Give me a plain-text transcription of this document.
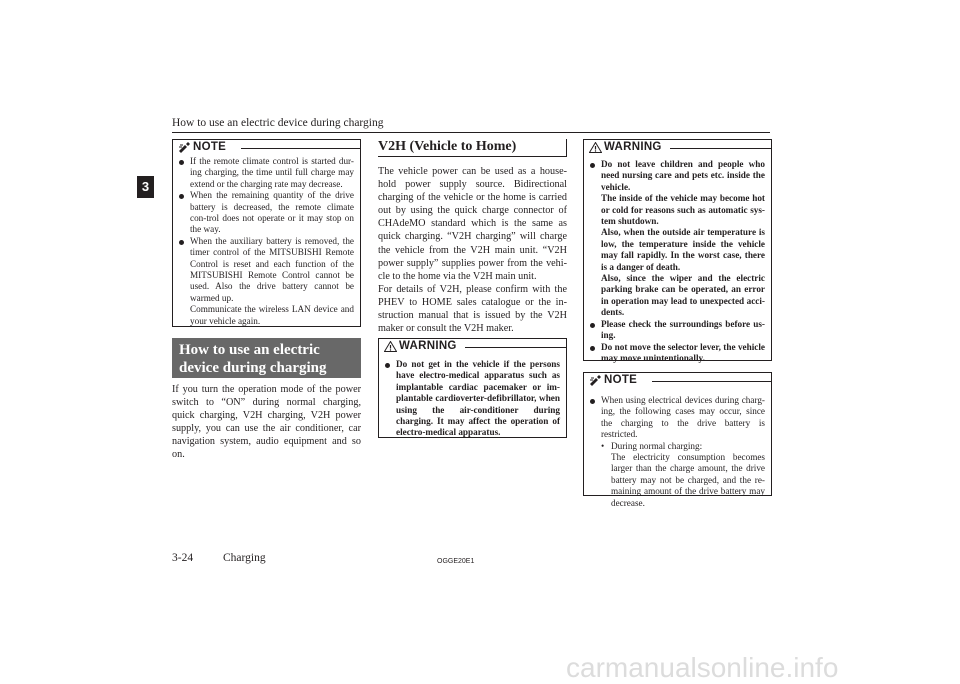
How to use an electric device during charging
3
NOTE
If the remote climate control is started dur-ing charging, the time until full charge may extend or the charging rate may decrease.
When the remaining quantity of the drive battery is decreased, the remote climate con-trol does not operate or it may stop on the way.
When the auxiliary battery is removed, the timer control of the MITSUBISHI Remote Control is reset and each function of the MITSUBISHI Remote Control cannot be used. Also the drive battery cannot be warmed up.
Communicate the wireless LAN device and your vehicle again.
How to use an electric
device during charging
If you turn the operation mode of the power switch to “ON” during normal charging, quick charging, V2H charging, V2H power supply, you can use the air conditioner, car navigation system, audio equipment and so on.
V2H (Vehicle to Home)
The vehicle power can be used as a house-hold power supply source. Bidirectional charging of the vehicle or the home is carried out by using the quick charge connector of CHAdeMO standard which is the same as quick charging. “V2H charging” will charge the vehicle from the V2H main unit. “V2H power supply” supplies power from the vehi-cle to the home via the V2H main unit.
For details of V2H, please confirm with the PHEV to HOME sales catalogue or the in-struction manual that is issued by the V2H maker or consult the V2H maker.
WARNING
Do not get in the vehicle if the persons have electro-medical apparatus such as implantable cardiac pacemaker or im-plantable cardioverter-defibrillator, when using the air-conditioner during charging. It may affect the operation of electro-medical apparatus.
WARNING
Do not leave children and people who need nursing care and pets etc. inside the vehicle.
The inside of the vehicle may become hot or cold for reasons such as automatic sys-tem shutdown.
Also, when the outside air temperature is low, the temperature inside the vehicle may fall rapidly. In the worst case, there is a danger of death.
Also, since the wiper and the electric parking brake can be operated, an error in operation may lead to unexpected acci-dents.
Please check the surroundings before us-ing.
Do not move the selector lever, the vehicle may move unintentionally.
NOTE
When using electrical devices during charg-ing, the following cases may occur, since the charging to the drive battery is restricted.
• During normal charging:
The electricity consumption becomes larger than the charge amount, the drive battery may not be charged, and the re-maining amount of the drive battery may decrease.
3-24	Charging	OGGE20E1
carmanualsonline.info
